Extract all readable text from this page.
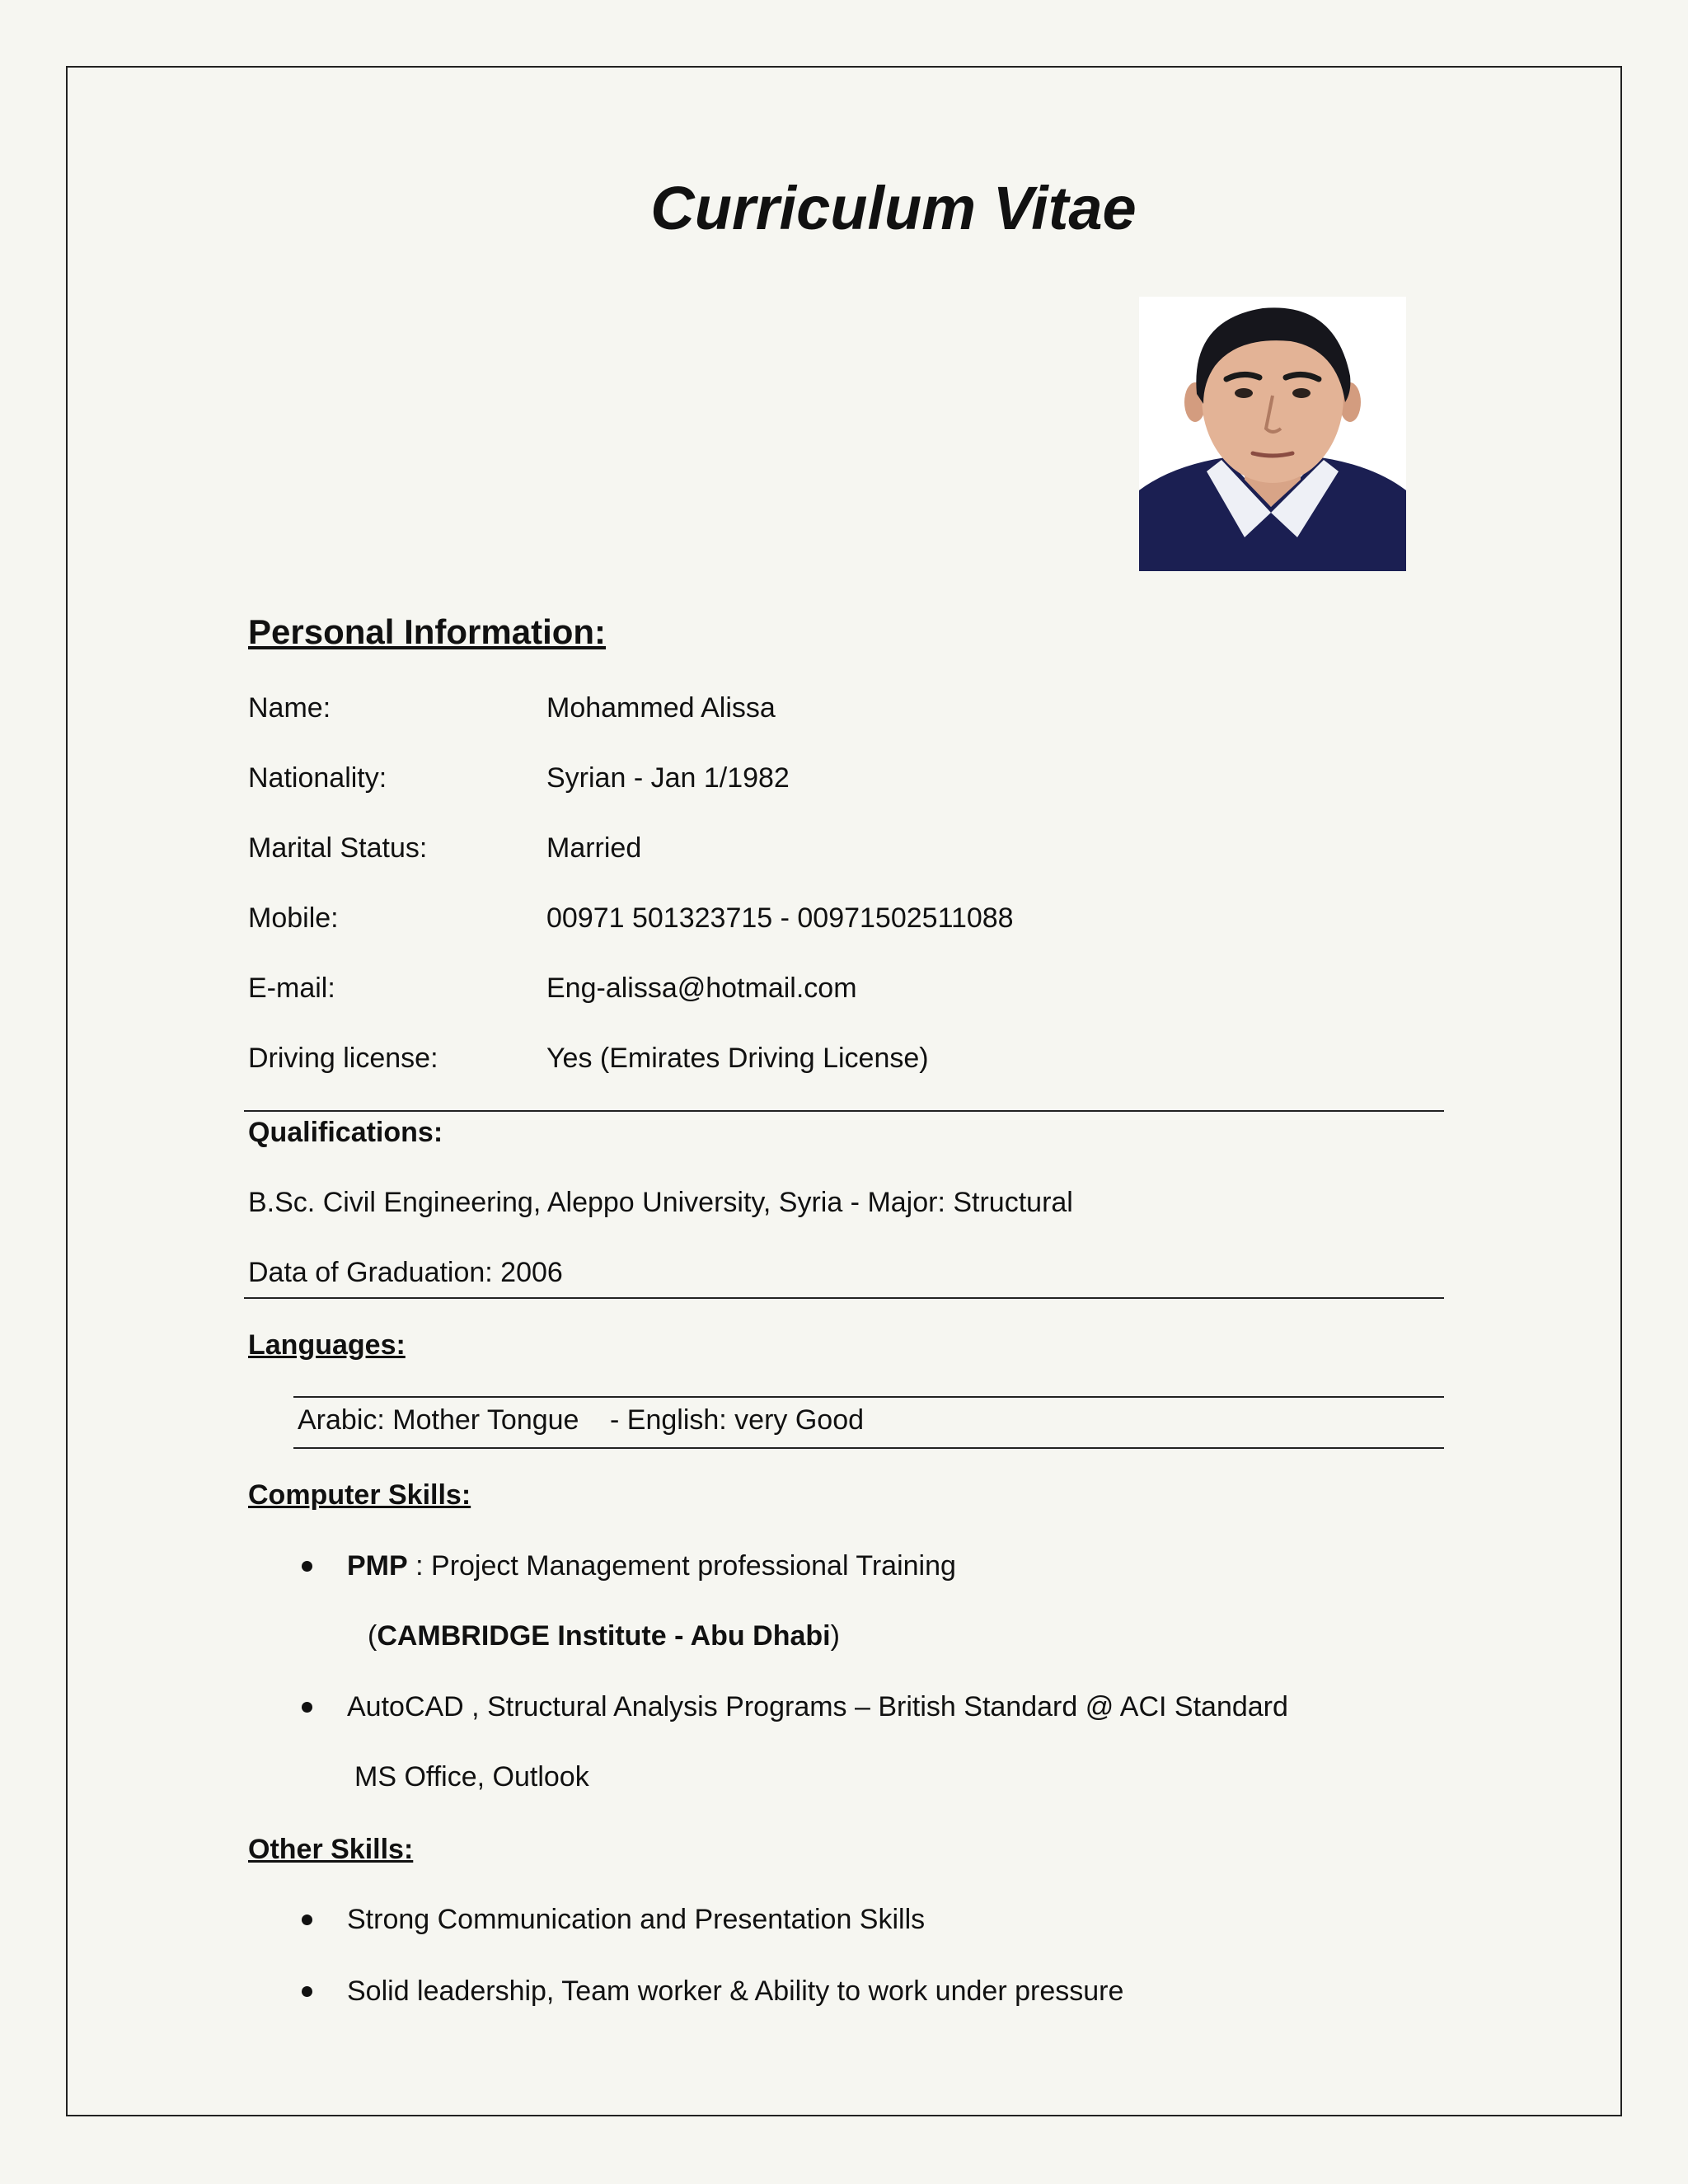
Curriculum Vitae
Personal Information:
Name:	Mohammed Alissa
Nationality:	Syrian - Jan 1/1982
Marital Status:	Married
Mobile:	00971 501323715 - 00971502511088
E-mail:	Eng-alissa@hotmail.com
Driving license:	Yes (Emirates Driving License)
Qualifications:
B.Sc. Civil Engineering, Aleppo University, Syria - Major: Structural
Data of Graduation: 2006
Languages:
Arabic: Mother Tongue - English: very Good
Computer Skills:
PMP : Project Management professional Training
(CAMBRIDGE Institute - Abu Dhabi)
AutoCAD , Structural Analysis Programs – British Standard @ ACI Standard
MS Office, Outlook
Other Skills:
Strong Communication and Presentation Skills
Solid leadership, Team worker & Ability to work under pressure
